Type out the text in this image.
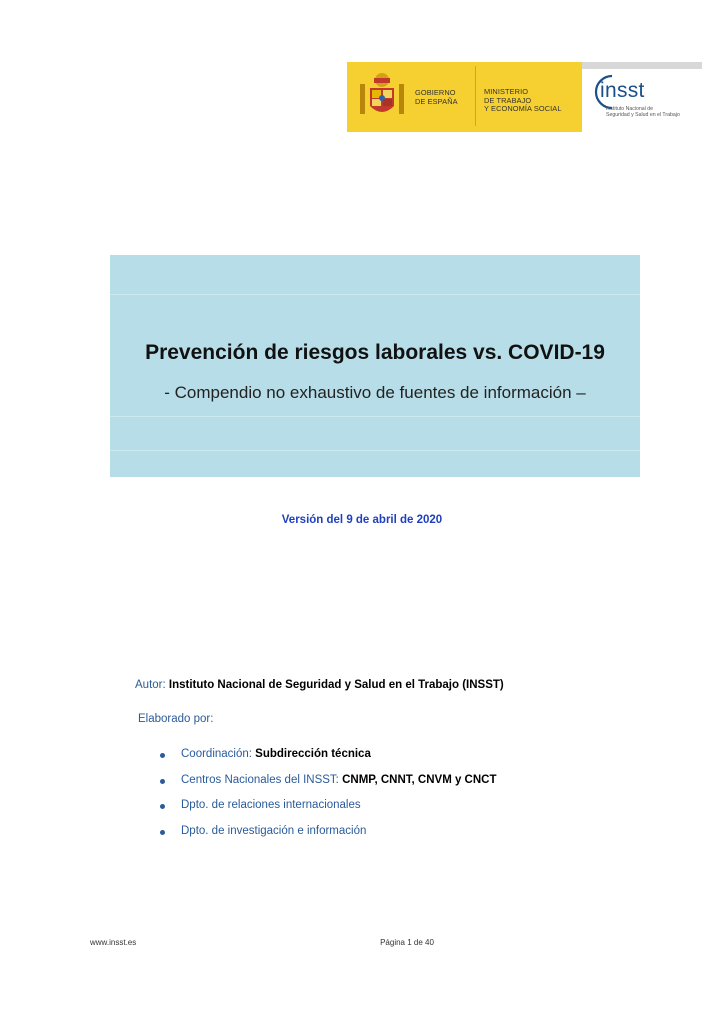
GOBIERNO
DE ESPAÑA
MINISTERIO
DE TRABAJO
Y ECONOMÍA SOCIAL
insst
Instituto Nacional de
Seguridad y Salud en el Trabajo
Prevención de riesgos laborales vs. COVID-19
- Compendio no exhaustivo de fuentes de información –
Versión del 9 de abril de 2020
Autor: Instituto Nacional de Seguridad y Salud en el Trabajo (INSST)
Elaborado por:
Coordinación: Subdirección técnica
Centros Nacionales del INSST: CNMP, CNNT, CNVM y CNCT
Dpto. de relaciones internacionales
Dpto. de investigación e información
www.insst.es	Página 1 de 40
